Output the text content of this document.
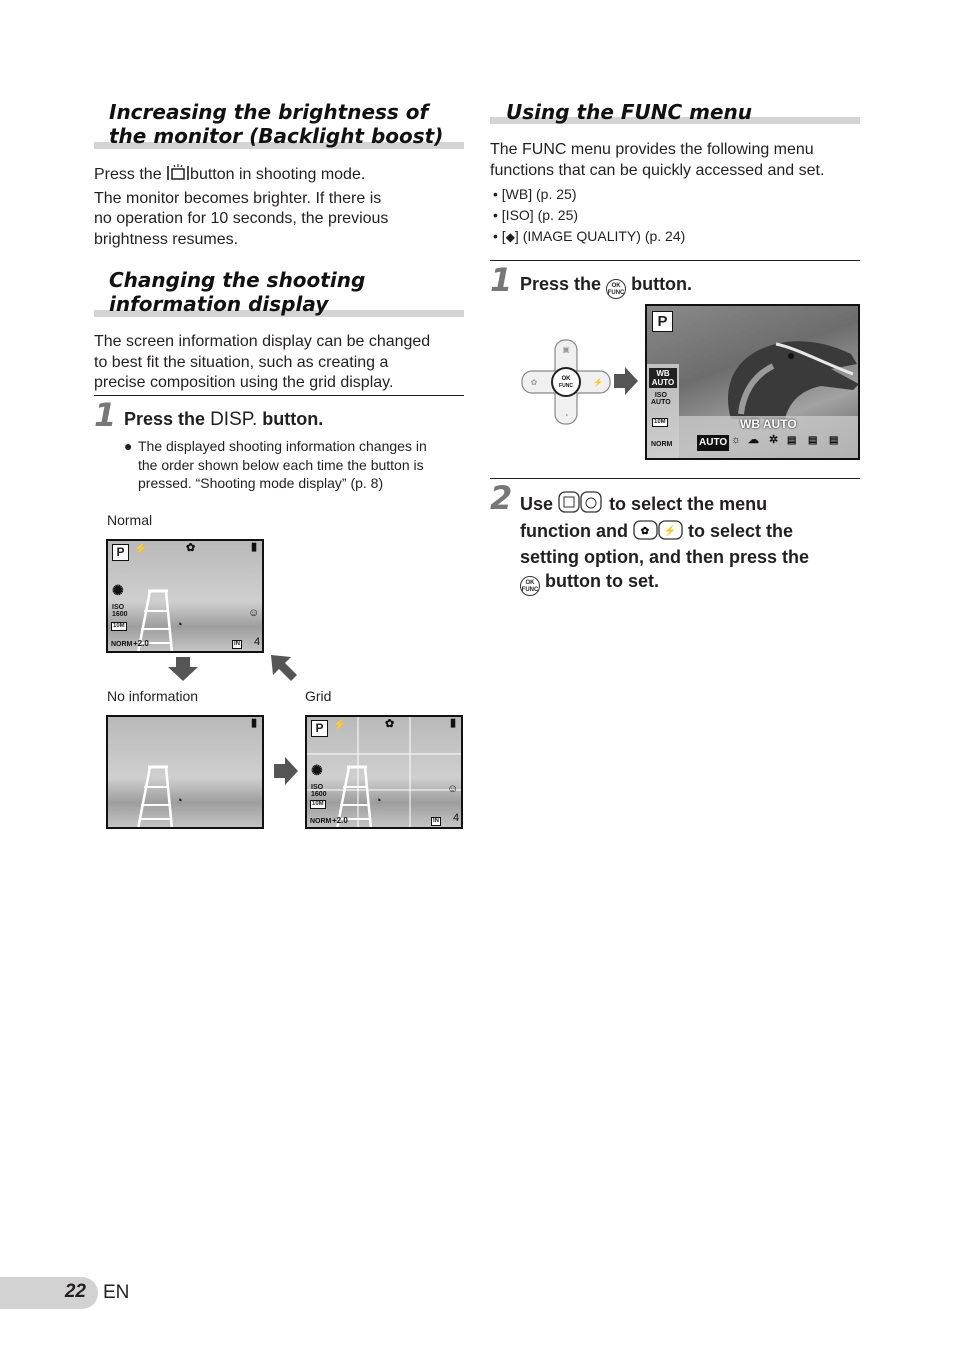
Increasing the brightness of
the monitor (Backlight boost)

Press the button in shooting mode.

The monitor becomes brighter. If there is

no operation for 10 seconds, the previous

brightness resumes.

Changing the shooting
information display

The screen information display can be changed

to best fit the situation, such as creating a

precise composition using the grid display.

1 Press the DISP. button.

● The displayed shooting information changes in
the order shown below each time the button is
pressed. “Shooting mode display” (p. 8)
Normal
No information	Grid
P ⚡	✿	▮
✺
ISO
1600
10M
NORM +2.0
◔
☺
IN 4
▮
◔
P ⚡	✿	▮
✺
ISO
1600
10M
NORM +2.0
◔
☺
IN 4
Using the FUNC menu

The FUNC menu provides the following menu

functions that can be quickly accessed and set.

• [WB] (p. 25)
• [ISO] (p. 25)
• [◆] (IMAGE QUALITY) (p. 24)
1 Press the OK
FUNC button.

OK
FUNC
▣
◔
✿	⚡
P
WB
AUTO
ISO
AUTO
10M
NORM
WB AUTO
AUTO ☼ ☁ ✲ ▤ ▤ ▤
2 Use	to select the menu
function and ✿ ⚡ to select the
setting option, and then press the
OK
FUNC button to set.
22 EN
